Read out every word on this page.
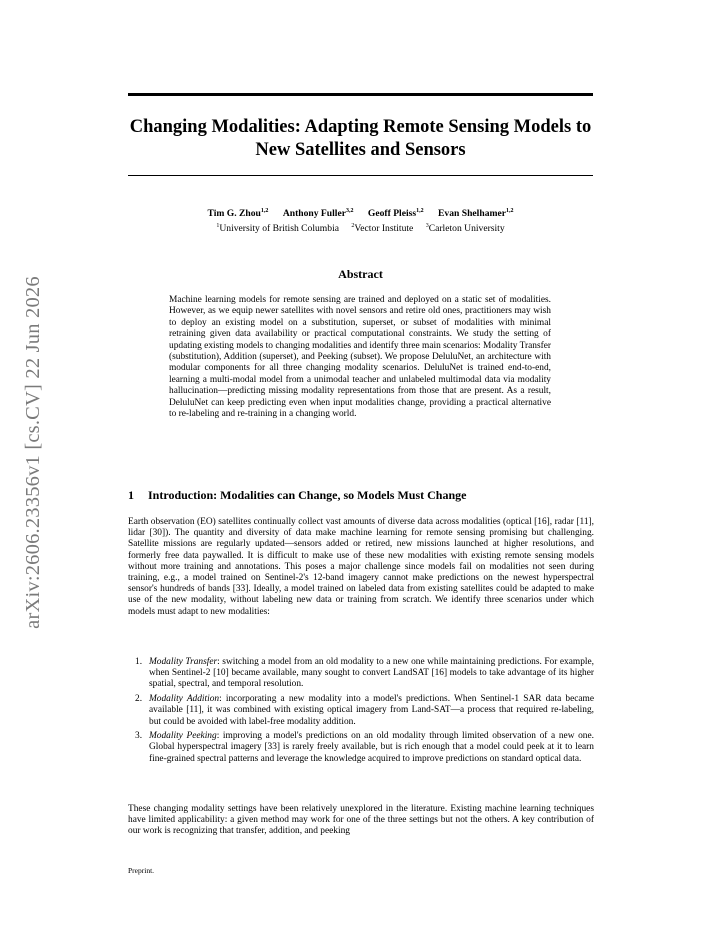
arXiv:2606.23356v1 [cs.CV] 22 Jun 2026
Changing Modalities: Adapting Remote Sensing Models to New Satellites and Sensors
Tim G. Zhou$^{1,2}$ Anthony Fuller$^{3,2}$ Geoff Pleiss$^{1,2}$ Evan Shelhamer$^{1,2}$
$^1$University of British Columbia $^2$Vector Institute $^3$Carleton University
Abstract

Machine learning models for remote sensing are trained and deployed on a static set of modalities. However, as we equip newer satellites with novel sensors and retire old ones, practitioners may wish to deploy an existing model on a substitution, superset, or subset of modalities with minimal retraining given data availability or practical computational constraints. We study the setting of updating existing models to changing modalities and identify three main scenarios: Modality Transfer (substitution), Addition (superset), and Peeking (subset). We propose DeluluNet, an architecture with modular components for all three changing modality scenarios. DeluluNet is trained end-to-end, learning a multi-modal model from a unimodal teacher and unlabeled multimodal data via modality hallucination—predicting missing modality representations from those that are present. As a result, DeluluNet can keep predicting even when input modalities change, providing a practical alternative to re-labeling and re-training in a changing world.

1 Introduction: Modalities can Change, so Models Must Change

Earth observation (EO) satellites continually collect vast amounts of diverse data across modalities (optical [16], radar [11], lidar [30]). The quantity and diversity of data make machine learning for remote sensing promising but challenging. Satellite missions are regularly updated—sensors added or retired, new missions launched at higher resolutions, and formerly free data paywalled. It is difficult to make use of these new modalities with existing remote sensing models without more training and annotations. This poses a major challenge since models fail on modalities not seen during training, e.g., a model trained on Sentinel-2's 12-band imagery cannot make predictions on the newest hyperspectral sensor's hundreds of bands [33]. Ideally, a model trained on labeled data from existing satellites could be adapted to make use of the new modality, without labeling new data or training from scratch. We identify three scenarios under which models must adapt to new modalities:

1. Modality Transfer: switching a model from an old modality to a new one while maintaining predictions. For example, when Sentinel-2 [10] became available, many sought to convert LandSAT [16] models to take advantage of its higher spatial, spectral, and temporal resolution.
2. Modality Addition: incorporating a new modality into a model's predictions. When Sentinel-1 SAR data became available [11], it was combined with existing optical imagery from Land-SAT—a process that required re-labeling, but could be avoided with label-free modality addition.
3. Modality Peeking: improving a model's predictions on an old modality through limited observation of a new one. Global hyperspectral imagery [33] is rarely freely available, but is rich enough that a model could peek at it to learn fine-grained spectral patterns and leverage the knowledge acquired to improve predictions on standard optical data.

These changing modality settings have been relatively unexplored in the literature. Existing machine learning techniques have limited applicability: a given method may work for one of the three settings but not the others. A key contribution of our work is recognizing that transfer, addition, and peeking

Preprint.
